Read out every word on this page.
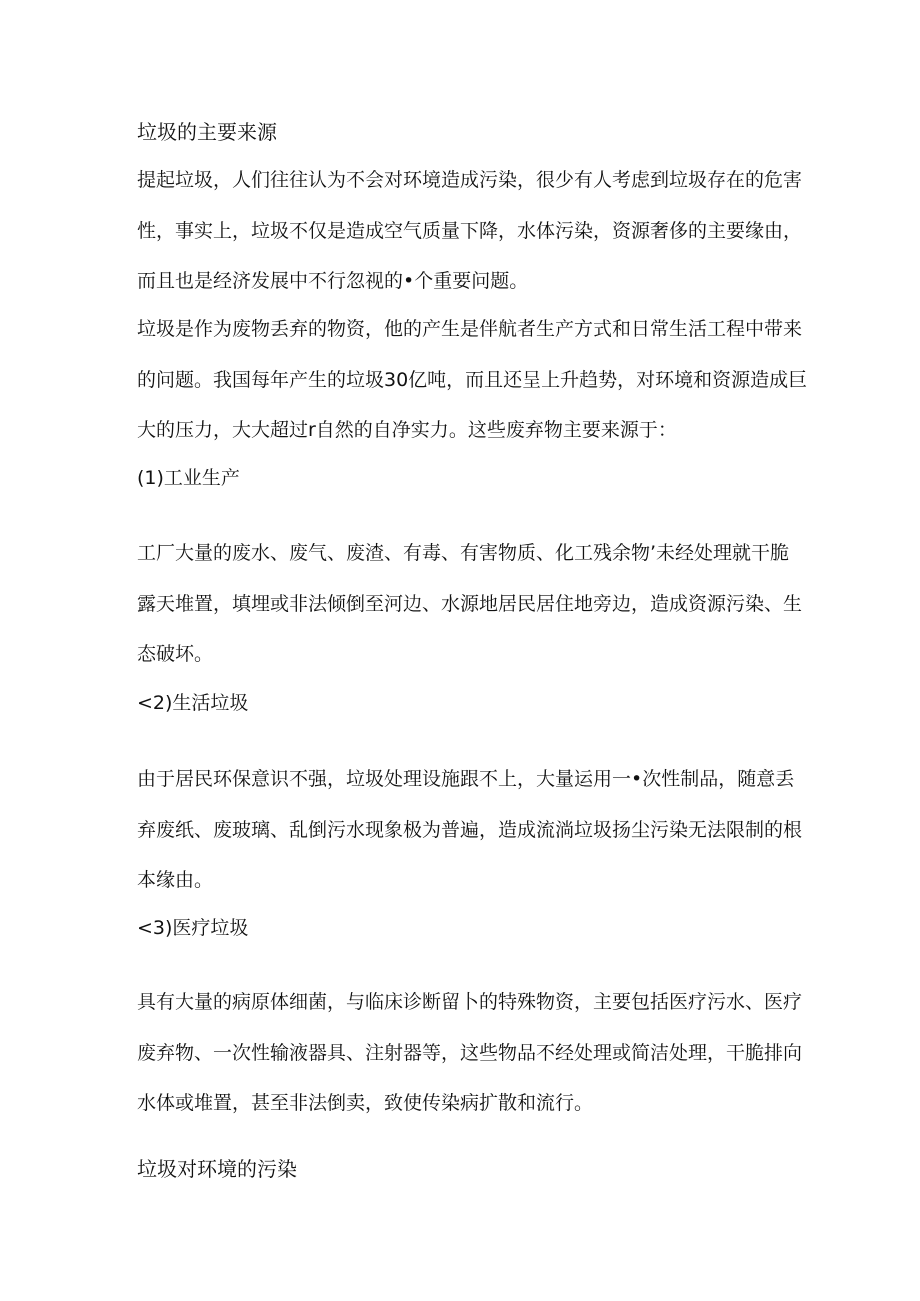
垃圾的主要来源

提起垃圾，人们往往认为不会对环境造成污染，很少有人考虑到垃圾存在的危害
性，事实上，垃圾不仅是造成空气质量下降，水体污染，资源奢侈的主要缘由，
而且也是经济发展中不行忽视的•个重要问题。

垃圾是作为废物丢弃的物资，他的产生是伴航者生产方式和日常生活工程中带来
的问题。我国每年产生的垃圾30亿吨，而且还呈上升趋势，对环境和资源造成巨
大的压力，大大超过r自然的自净实力。这些废弃物主要来源于：

(1)工业生产

工厂大量的废水、废气、废渣、有毒、有害物质、化工残余物’未经处理就干脆
露天堆置，填埋或非法倾倒至河边、水源地居民居住地旁边，造成资源污染、生
态破坏。

<2)生活垃圾

由于居民环保意识不强，垃圾处理设施跟不上，大量运用一•次性制品，随意丢
弃废纸、废玻璃、乱倒污水现象极为普遍，造成流淌垃圾扬尘污染无法限制的根
本缘由。

<3)医疗垃圾

具有大量的病原体细菌，与临床诊断留卜的特殊物资，主要包括医疗污水、医疗
废弃物、一次性输液器具、注射器等，这些物品不经处理或简洁处理，干脆排向
水体或堆置，甚至非法倒卖，致使传染病扩散和流行。

垃圾对环境的污染
